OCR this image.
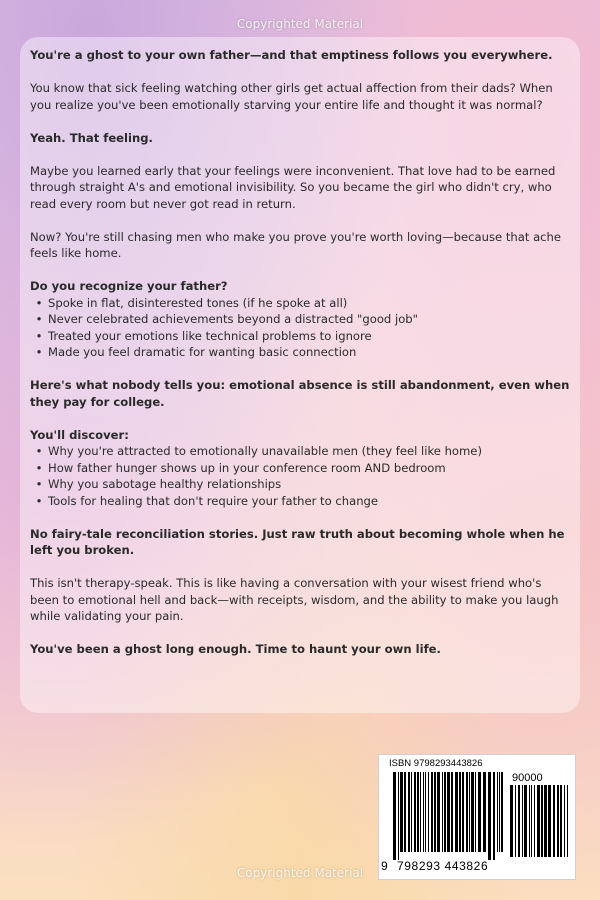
Copyrighted Material

You're a ghost to your own father—and that emptiness follows you everywhere.

You know that sick feeling watching other girls get actual affection from their dads? When you realize you've been emotionally starving your entire life and thought it was normal?

Yeah. That feeling.

Maybe you learned early that your feelings were inconvenient. That love had to be earned through straight A's and emotional invisibility. So you became the girl who didn't cry, who read every room but never got read in return.

Now? You're still chasing men who make you prove you're worth loving—because that ache feels like home.

Do you recognize your father?
• Spoke in flat, disinterested tones (if he spoke at all)
• Never celebrated achievements beyond a distracted "good job"
• Treated your emotions like technical problems to ignore
• Made you feel dramatic for wanting basic connection

Here's what nobody tells you: emotional absence is still abandonment, even when they pay for college.

You'll discover:
• Why you're attracted to emotionally unavailable men (they feel like home)
• How father hunger shows up in your conference room AND bedroom
• Why you sabotage healthy relationships
• Tools for healing that don't require your father to change

No fairy-tale reconciliation stories. Just raw truth about becoming whole when he left you broken.

This isn't therapy-speak. This is like having a conversation with your wisest friend who's been to emotional hell and back—with receipts, wisdom, and the ability to make you laugh while validating your pain.

You've been a ghost long enough. Time to haunt your own life.

ISBN 9798293443826
90000
9 798293 443826
Copyrighted Material
